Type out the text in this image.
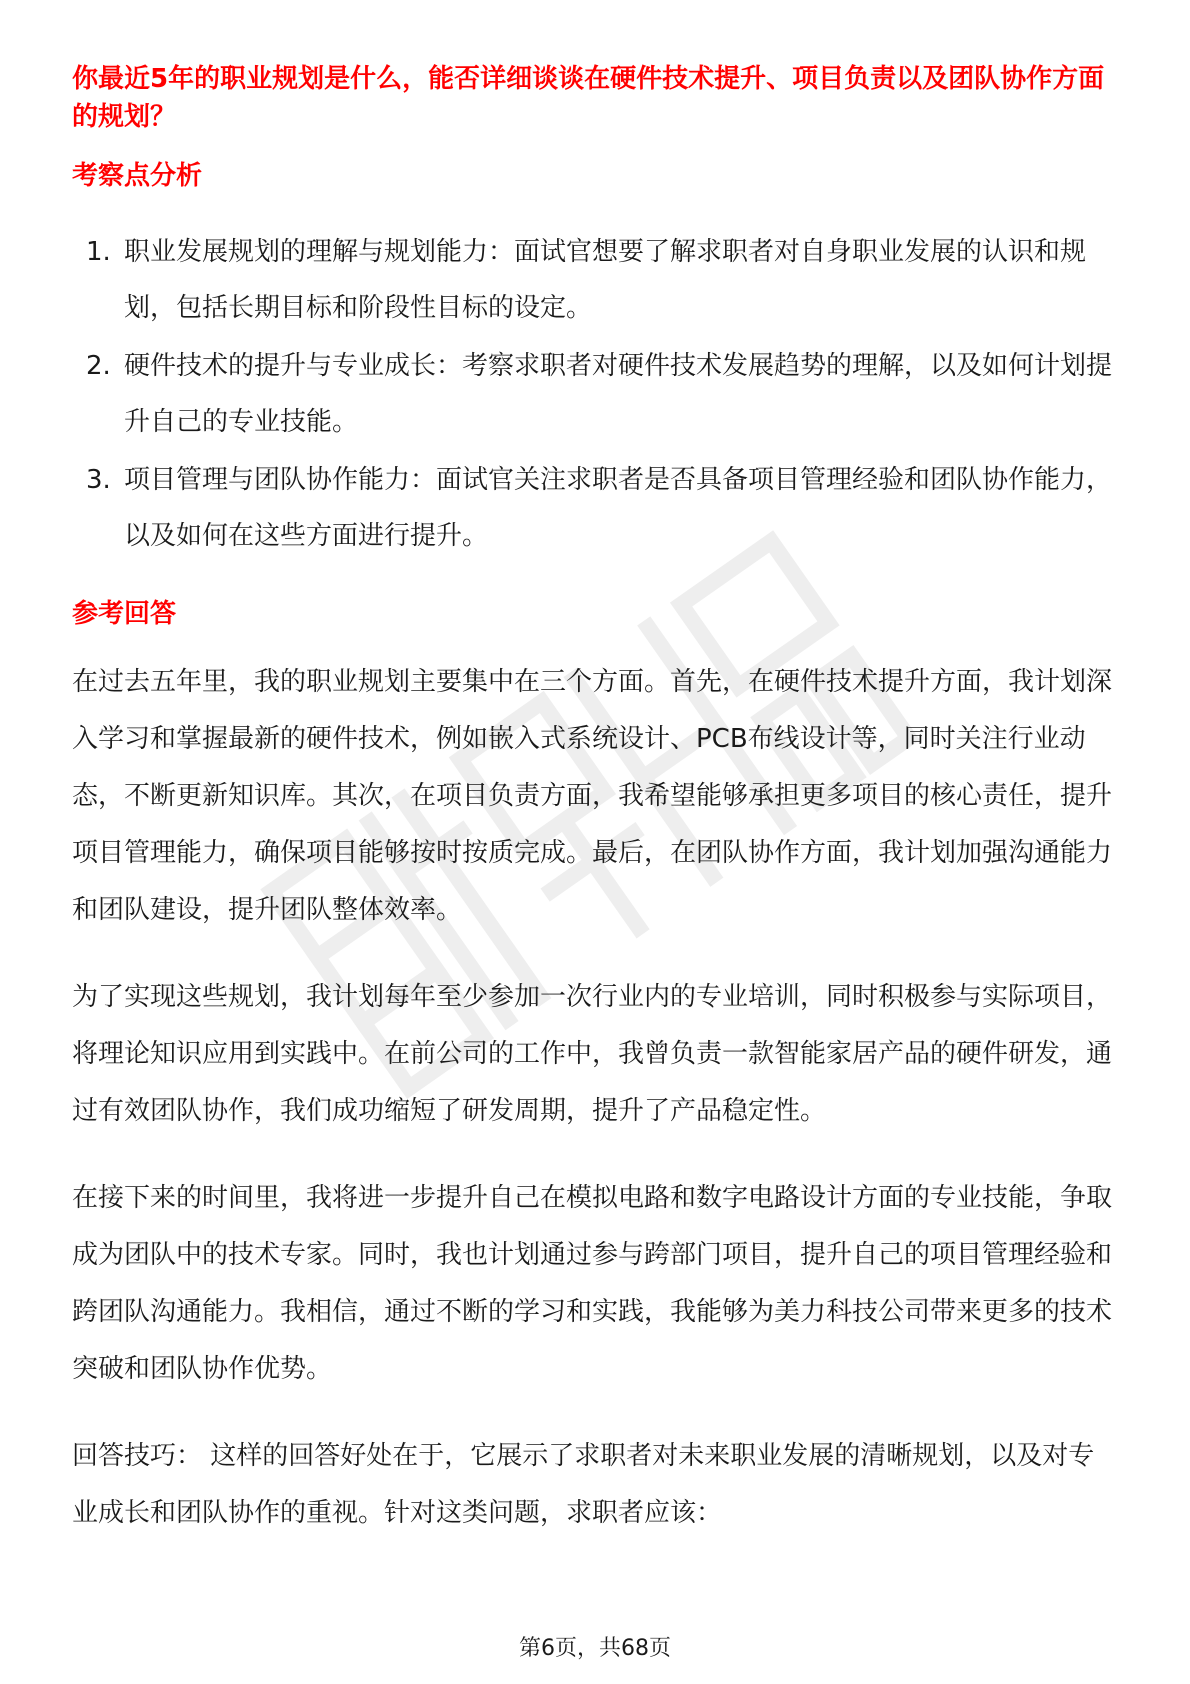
你最近5年的职业规划是什么，能否详细谈谈在硬件技术提升、项目负责以及团队协作方面的规划？
考察点分析
1. 职业发展规划的理解与规划能力：面试官想要了解求职者对自身职业发展的认识和规划，包括长期目标和阶段性目标的设定。
2. 硬件技术的提升与专业成长：考察求职者对硬件技术发展趋势的理解，以及如何计划提升自己的专业技能。
3. 项目管理与团队协作能力：面试官关注求职者是否具备项目管理经验和团队协作能力，以及如何在这些方面进行提升。
参考回答

在过去五年里，我的职业规划主要集中在三个方面。首先，在硬件技术提升方面，我计划深入学习和掌握最新的硬件技术，例如嵌入式系统设计、PCB布线设计等，同时关注行业动态，不断更新知识库。其次，在项目负责方面，我希望能够承担更多项目的核心责任，提升项目管理能力，确保项目能够按时按质完成。最后，在团队协作方面，我计划加强沟通能力和团队建设，提升团队整体效率。

为了实现这些规划，我计划每年至少参加一次行业内的专业培训，同时积极参与实际项目，将理论知识应用到实践中。在前公司的工作中，我曾负责一款智能家居产品的硬件研发，通过有效团队协作，我们成功缩短了研发周期，提升了产品稳定性。

在接下来的时间里，我将进一步提升自己在模拟电路和数字电路设计方面的专业技能，争取成为团队中的技术专家。同时，我也计划通过参与跨部门项目，提升自己的项目管理经验和跨团队沟通能力。我相信，通过不断的学习和实践，我能够为美力科技公司带来更多的技术突破和团队协作优势。

回答技巧： 这样的回答好处在于，它展示了求职者对未来职业发展的清晰规划，以及对专业成长和团队协作的重视。针对这类问题，求职者应该：

第6页，共68页
